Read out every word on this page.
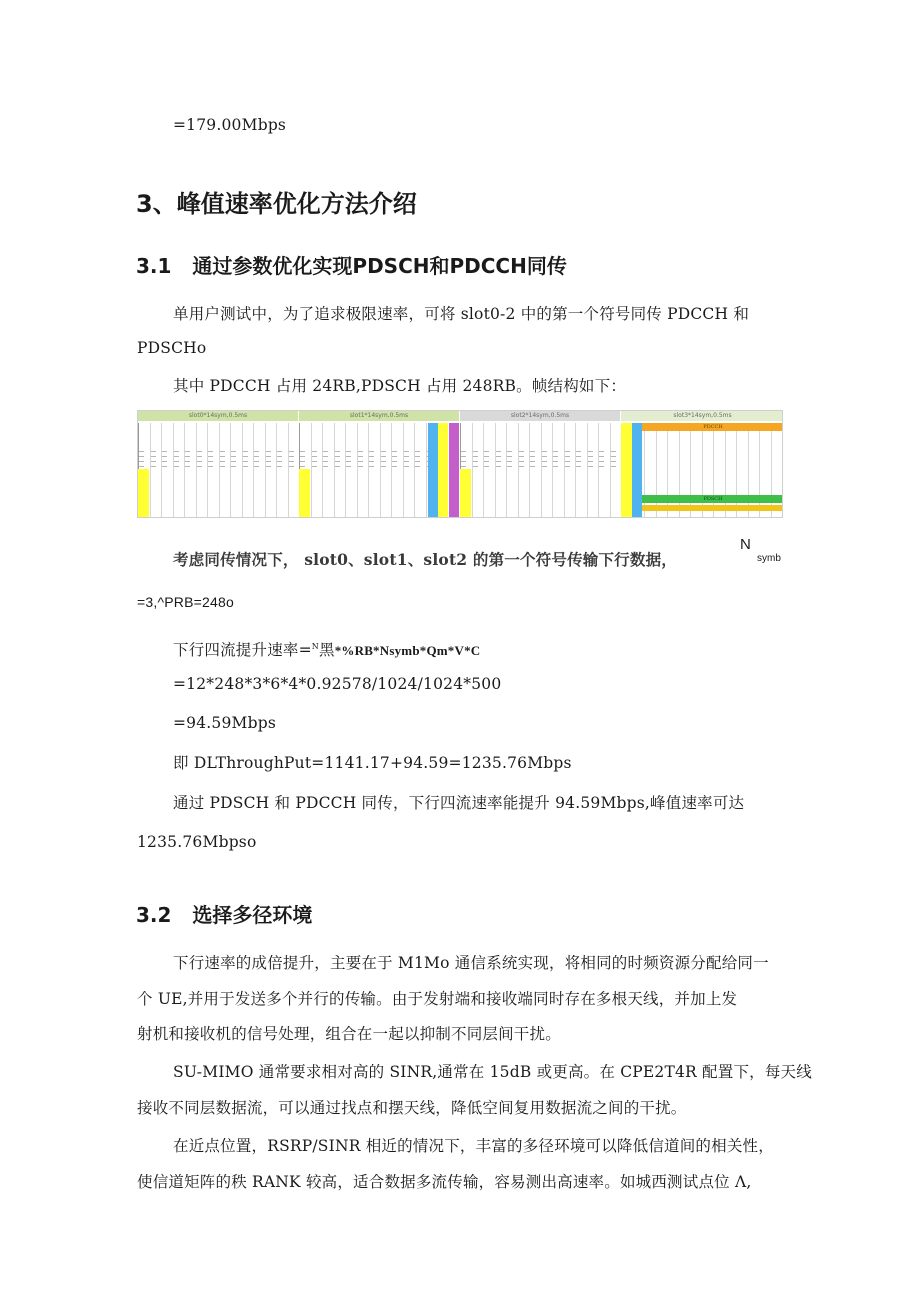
=179.00Mbps
3、峰值速率优化方法介绍
3.1 通过参数优化实现PDSCH和PDCCH同传
单用户测试中，为了追求极限速率，可将 slot0-2 中的第一个符号同传 PDCCH 和
PDSCHo
其中 PDCCH 占用 24RB,PDSCH 占用 248RB。帧结构如下：
slot0*14sym,0.5ms	slot1*14sym,0.5ms	slot2*14sym,0.5ms	slot3*14sym,0.5ms
PDCCH
PDSCH
考虑同传情况下， slot0、slot1、slot2 的第一个符号传输下行数据，
N
symb
=3,^PRB=248o
下行四流提升速率=$^N$黑*%RB*Nsymb*Qm*V*C
=12*248*3*6*4*0.92578/1024/1024*500
=94.59Mbps
即 DLThroughPut=1141.17+94.59=1235.76Mbps
通过 PDSCH 和 PDCCH 同传，下行四流速率能提升 94.59Mbps,峰值速率可达
1235.76Mbpso
3.2 选择多径环境
下行速率的成倍提升，主要在于 M1Mo 通信系统实现，将相同的时频资源分配给同一
个 UE,并用于发送多个并行的传输。由于发射端和接收端同时存在多根天线，并加上发
射机和接收机的信号处理，组合在一起以抑制不同层间干扰。
SU-MIMO 通常要求相对高的 SINR,通常在 15dB 或更高。在 CPE2T4R 配置下，每天线
接收不同层数据流，可以通过找点和摆天线，降低空间复用数据流之间的干扰。
在近点位置，RSRP/SINR 相近的情况下，丰富的多径环境可以降低信道间的相关性，
使信道矩阵的秩 RANK 较高，适合数据多流传输，容易测出高速率。如城西测试点位 Λ,
